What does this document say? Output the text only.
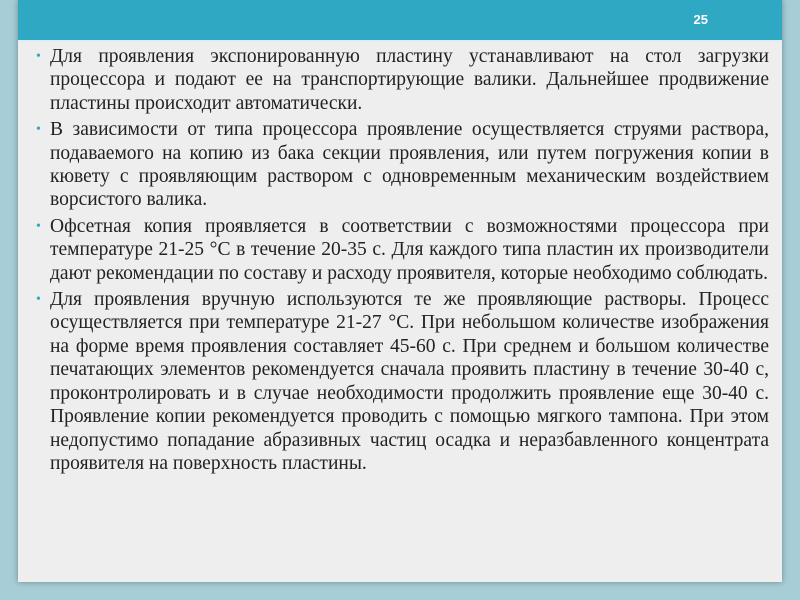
25

• Для проявления экспонированную пластину устанавливают на стол загрузки процессора и подают ее на транспортирующие валики. Дальнейшее продвижение пластины происходит автоматически.

• В зависимости от типа процессора проявление осуществляется струями раствора, подаваемого на копию из бака секции проявления, или путем погружения копии в кювету с проявляющим раствором с одновременным механическим воздействием ворсистого валика.

• Офсетная копия проявляется в соответствии с возможностями процессора при температуре 21-25 °С в течение 20-35 с. Для каждого типа пластин их производители дают рекомендации по составу и расходу проявителя, которые необходимо соблюдать.

• Для проявления вручную используются те же проявляющие растворы. Процесс осуществляется при температуре 21-27 °С. При небольшом количестве изображения на форме время проявления составляет 45-60 с. При среднем и большом количестве печатающих элементов рекомендуется сначала проявить пластину в течение 30-40 с, проконтролировать и в случае необходимости продолжить проявление еще 30-40 с. Проявление копии рекомендуется проводить с помощью мягкого тампона. При этом недопустимо попадание абразивных частиц осадка и неразбавленного концентрата проявителя на поверхность пластины.
